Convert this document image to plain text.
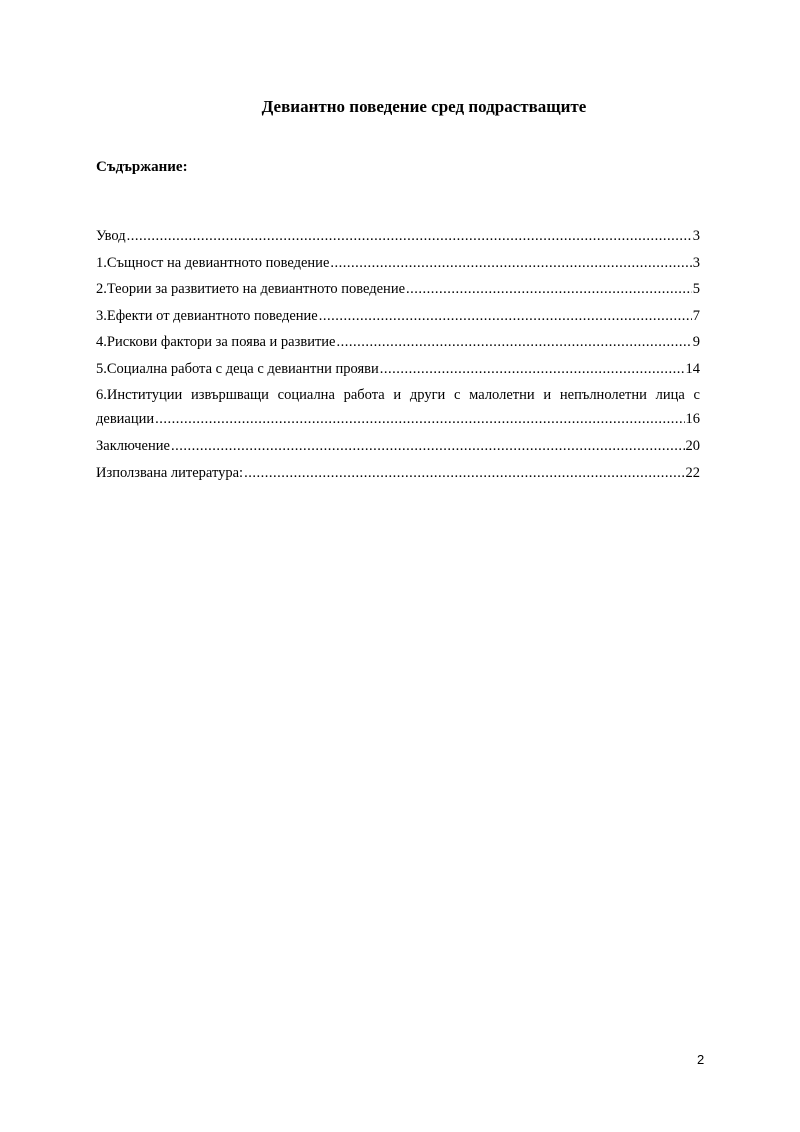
Девиантно поведение сред подрастващите
Съдържание:
Увод .....	3
1.Същност на девиантното поведение .....	3
2.Теории за развитието на девиантното поведение .....	5
3.Ефекти от девиантното поведение .....	7
4.Рискови фактори за поява и развитие .....	9
5.Социална работа с деца с девиантни прояви .....	14
6.Институции извършващи социална работа и други с малолетни и непълнолетни лица с
девиации .....	16
Заключение .....	20
Използвана литература: .....	22
2
